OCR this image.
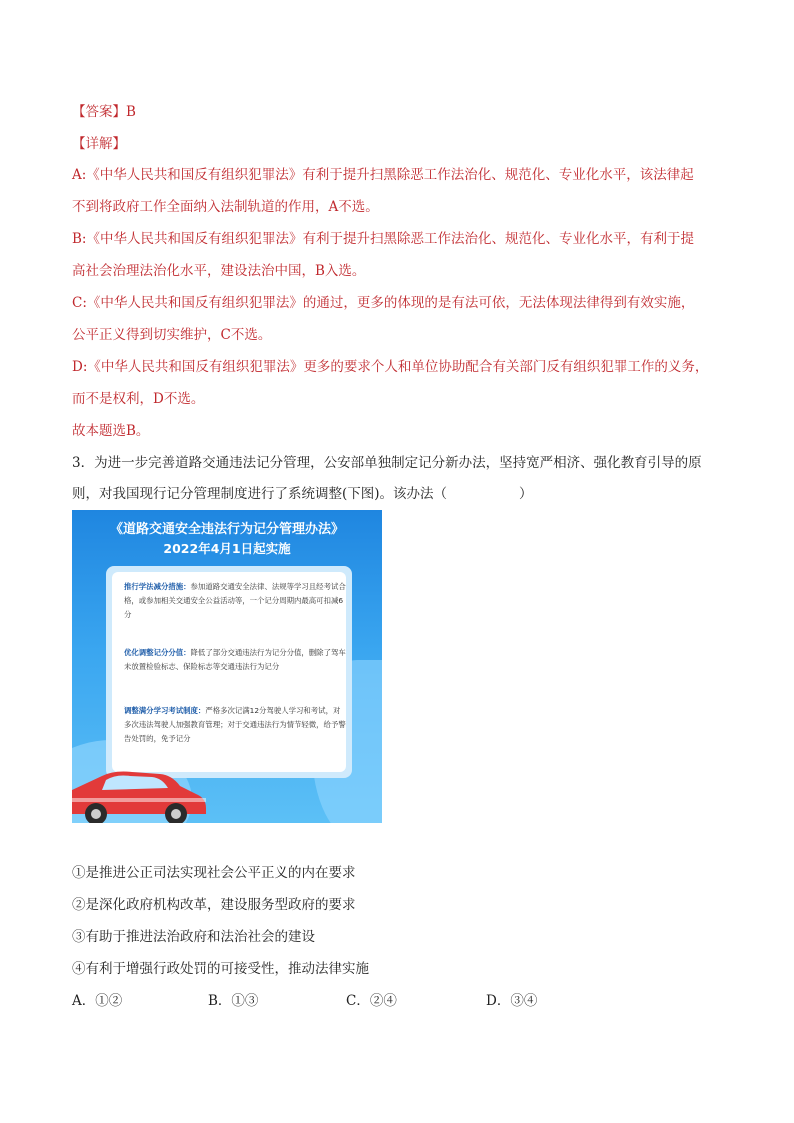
【答案】B
【详解】
A:《中华人民共和国反有组织犯罪法》有利于提升扫黑除恶工作法治化、规范化、专业化水平，该法律起
不到将政府工作全面纳入法制轨道的作用，A不选。
B:《中华人民共和国反有组织犯罪法》有利于提升扫黑除恶工作法治化、规范化、专业化水平，有利于提
高社会治理法治化水平，建设法治中国，B入选。
C:《中华人民共和国反有组织犯罪法》的通过，更多的体现的是有法可依，无法体现法律得到有效实施，
公平正义得到切实维护，C不选。
D:《中华人民共和国反有组织犯罪法》更多的要求个人和单位协助配合有关部门反有组织犯罪工作的义务，
而不是权利，D不选。
故本题选B。
3．为进一步完善道路交通违法记分管理，公安部单独制定记分新办法，坚持宽严相济、强化教育引导的原
则，对我国现行记分管理制度进行了系统调整(下图)。该办法（	）
《道路交通安全违法行为记分管理办法》
2022年4月1日起实施
推行学法减分措施：参加道路交通安全法律、法规等学习且经考试合格，或参加相关交通安全公益活动等，一个记分周期内最高可扣减6分
优化调整记分分值：降低了部分交通违法行为记分分值，删除了驾车未放置检验标志、保险标志等交通违法行为记分
调整满分学习考试制度：严格多次记满12分驾驶人学习和考试，对多次违法驾驶人加强教育管理；对于交通违法行为情节轻微，给予警告处罚的，免予记分
①是推进公正司法实现社会公平正义的内在要求
②是深化政府机构改革，建设服务型政府的要求
③有助于推进法治政府和法治社会的建设
④有利于增强行政处罚的可接受性，推动法律实施
A．①②	B．①③	C．②④	D．③④
